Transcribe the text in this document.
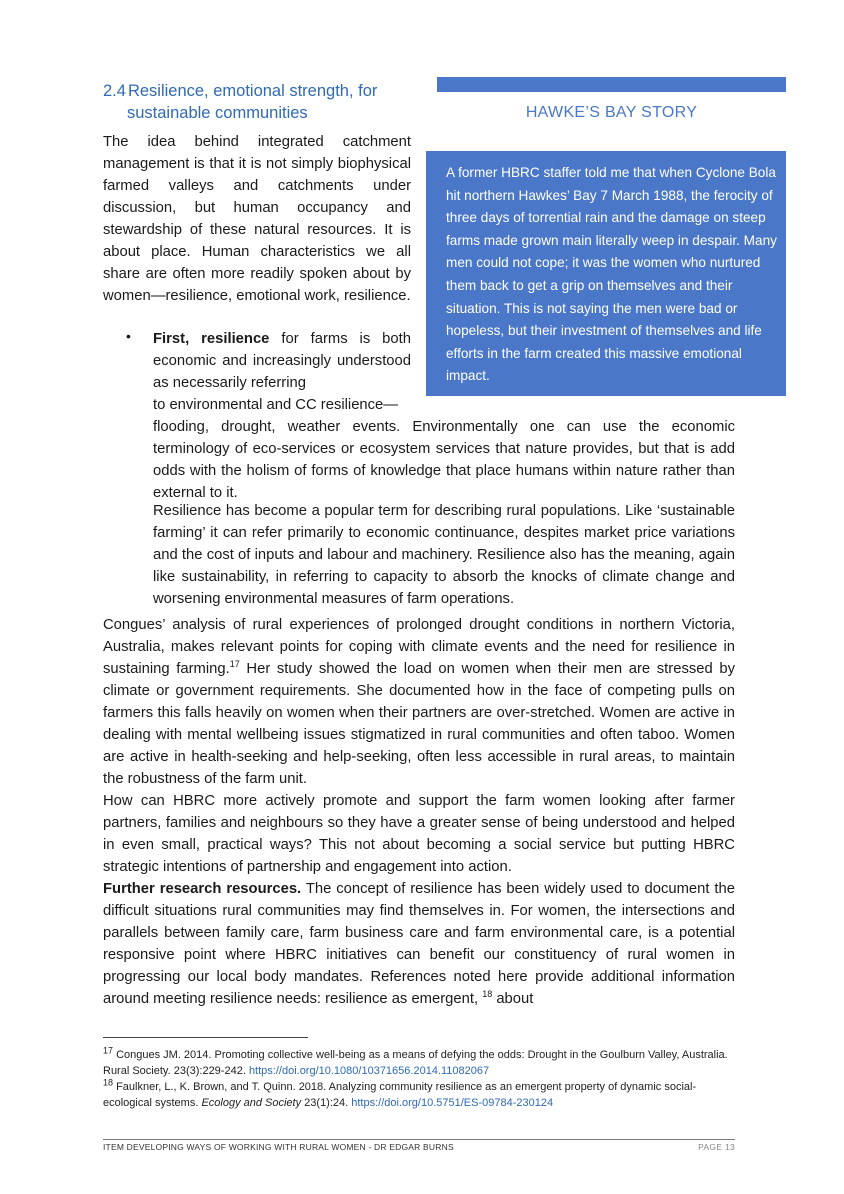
2.4 Resilience, emotional strength, for
sustainable communities	HAWKE’S BAY STORY
A former HBRC staffer told me that when Cyclone Bola hit northern Hawkes’ Bay 7 March 1988, the ferocity of three days of torrential rain and the damage on steep farms made grown main literally weep in despair. Many men could not cope; it was the women who nurtured them back to get a grip on themselves and their situation. This is not saying the men were bad or hopeless, but their investment of themselves and life efforts in the farm created this massive emotional impact.

The idea behind integrated catchment management is that it is not simply biophysical farmed valleys and catchments under discussion, but human occupancy and stewardship of these natural resources. It is about place. Human characteristics we all share are often more readily spoken about by women—resilience, emotional work, resilience.

• First, resilience for farms is both economic and increasingly understood as necessarily referring

to environmental and CC resilience—
flooding, drought, weather events. Environmentally one can use the economic terminology of eco-services or ecosystem services that nature provides, but that is add odds with the holism of forms of knowledge that place humans within nature rather than external to it.

Resilience has become a popular term for describing rural populations. Like ‘sustainable farming’ it can refer primarily to economic continuance, despites market price variations and the cost of inputs and labour and machinery. Resilience also has the meaning, again like sustainability, in referring to capacity to absorb the knocks of climate change and worsening environmental measures of farm operations.

Congues’ analysis of rural experiences of prolonged drought conditions in northern Victoria, Australia, makes relevant points for coping with climate events and the need for resilience in sustaining farming.$^{17}$ Her study showed the load on women when their men are stressed by climate or government requirements. She documented how in the face of competing pulls on farmers this falls heavily on women when their partners are over-stretched. Women are active in dealing with mental wellbeing issues stigmatized in rural communities and often taboo. Women are active in health-seeking and help-seeking, often less accessible in rural areas, to maintain the robustness of the farm unit.

How can HBRC more actively promote and support the farm women looking after farmer partners, families and neighbours so they have a greater sense of being understood and helped in even small, practical ways? This not about becoming a social service but putting HBRC strategic intentions of partnership and engagement into action.

Further research resources. The concept of resilience has been widely used to document the difficult situations rural communities may find themselves in. For women, the intersections and parallels between family care, farm business care and farm environmental care, is a potential responsive point where HBRC initiatives can benefit our constituency of rural women in progressing our local body mandates. References noted here provide additional information around meeting resilience needs: resilience as emergent, $^{18}$ about

$^{17}$ Congues JM. 2014. Promoting collective well-being as a means of defying the odds: Drought in the Goulburn Valley, Australia. Rural Society. 23(3):229-242. https://doi.org/10.1080/10371656.2014.11082067
$^{18}$ Faulkner, L., K. Brown, and T. Quinn. 2018. Analyzing community resilience as an emergent property of dynamic social-ecological systems. Ecology and Society 23(1):24. https://doi.org/10.5751/ES-09784-230124
ITEM DEVELOPING WAYS OF WORKING WITH RURAL WOMEN - DR EDGAR BURNS	PAGE 13
